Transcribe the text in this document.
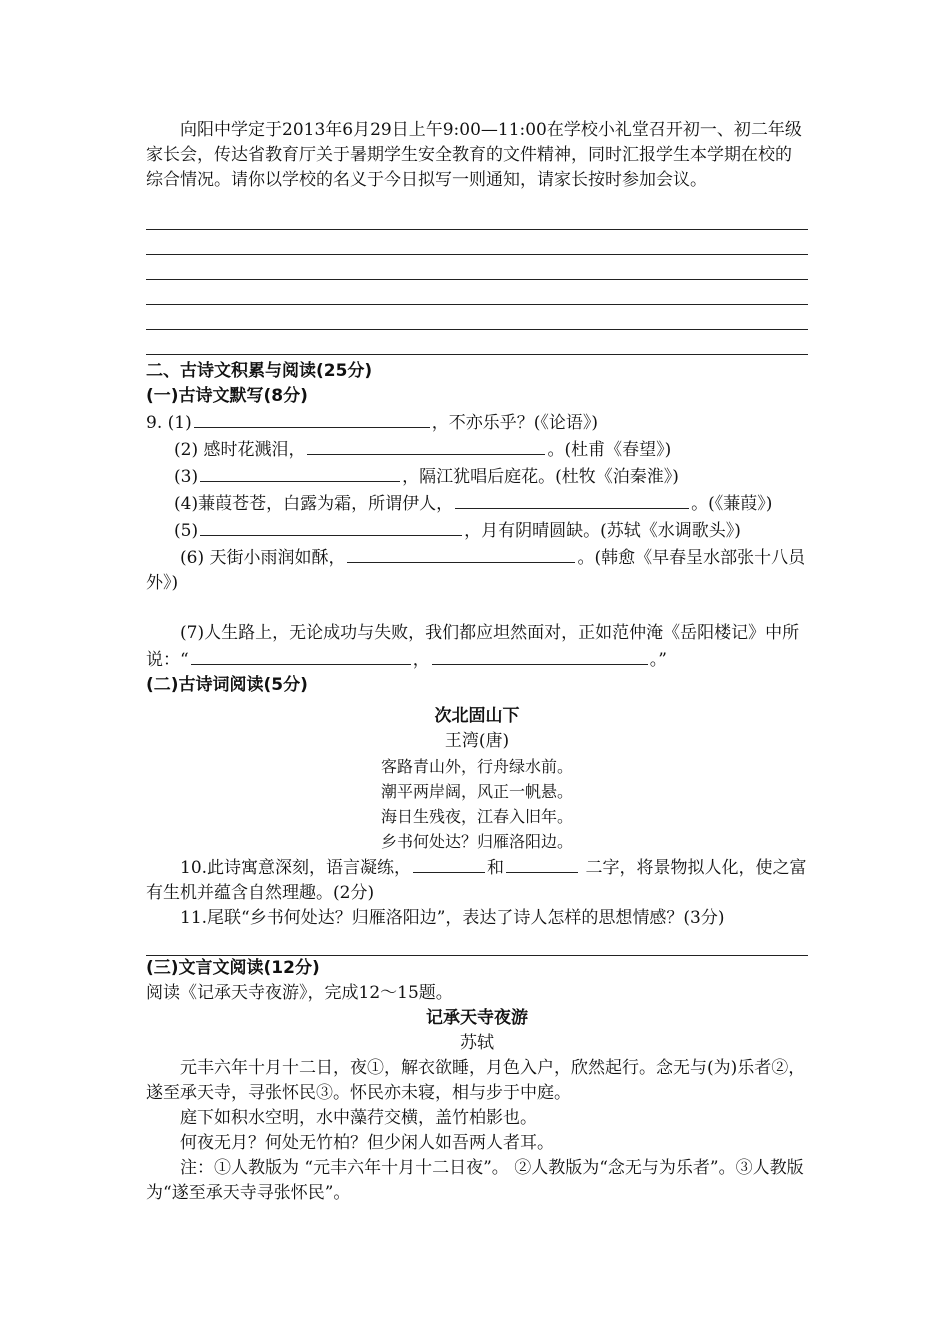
向阳中学定于2013年6月29日上午9:00—11:00在学校小礼堂召开初一、初二年级家长会，传达省教育厅关于暑期学生安全教育的文件精神，同时汇报学生本学期在校的综合情况。请你以学校的名义于今日拟写一则通知，请家长按时参加会议。

二、古诗文积累与阅读(25分)
(一)古诗文默写(8分)

9. (1)	，不亦乐乎？(《论语》)

(2) 感时花溅泪，	。(杜甫《春望》)

(3)	，隔江犹唱后庭花。(杜牧《泊秦淮》)

(4)蒹葭苍苍，白露为霜，所谓伊人，	。(《蒹葭》)

(5)	，月有阴晴圆缺。(苏轼《水调歌头》)

(6) 天街小雨润如酥，	。(韩愈《早春呈水部张十八员外》)

(7)人生路上，无论成功与失败，我们都应坦然面对，正如范仲淹《岳阳楼记》中所说：“	，	。”

(二)古诗词阅读(5分)
次北固山下
王湾(唐)
客路青山外，行舟绿水前。
潮平两岸阔，风正一帆悬。
海日生残夜，江春入旧年。
乡书何处达？归雁洛阳边。

10.此诗寓意深刻，语言凝练，	和	二字，将景物拟人化，使之富有生机并蕴含自然理趣。(2分)

11.尾联“乡书何处达？归雁洛阳边”，表达了诗人怎样的思想情感？(3分)

(三)文言文阅读(12分)

阅读《记承天寺夜游》，完成12～15题。

记承天寺夜游
苏轼

元丰六年十月十二日，夜①，解衣欲睡，月色入户，欣然起行。念无与(为)乐者②，遂至承天寺，寻张怀民③。怀民亦未寝，相与步于中庭。

庭下如积水空明，水中藻荇交横，盖竹柏影也。

何夜无月？何处无竹柏？但少闲人如吾两人者耳。

注：①人教版为 “元丰六年十月十二日夜”。 ②人教版为“念无与为乐者”。③人教版为“遂至承天寺寻张怀民”。
